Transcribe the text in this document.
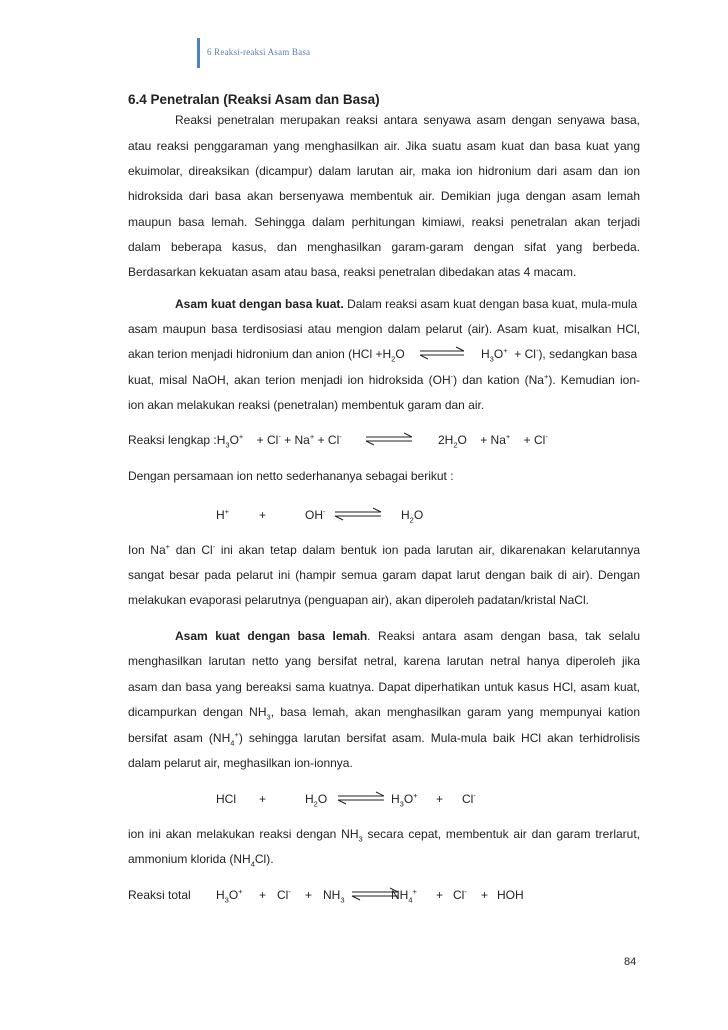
6 Reaksi-reaksi Asam Basa
6.4 Penetralan (Reaksi Asam dan Basa)
Reaksi penetralan merupakan reaksi antara senyawa asam dengan senyawa basa,
atau reaksi penggaraman yang menghasilkan air. Jika suatu asam kuat dan basa kuat yang
ekuimolar, direaksikan (dicampur) dalam larutan air, maka ion hidronium dari asam dan ion
hidroksida dari basa akan bersenyawa membentuk air. Demikian juga dengan asam lemah
maupun basa lemah. Sehingga dalam perhitungan kimiawi, reaksi penetralan akan terjadi
dalam beberapa kasus, dan menghasilkan garam-garam dengan sifat yang berbeda.
Berdasarkan kekuatan asam atau basa, reaksi penetralan dibedakan atas 4 macam.
Asam kuat dengan basa kuat. Dalam reaksi asam kuat dengan basa kuat, mula-mula
asam maupun basa terdisosiasi atau mengion dalam pelarut (air). Asam kuat, misalkan HCl,
akan terion menjadi hidronium dan anion ($HCl +H_2O$ ⇌ $H_3O^+ + Cl^-$), sedangkan basa
kuat, misal NaOH, akan terion menjadi ion hidroksida (OH-) dan kation (Na+). Kemudian ion-
ion akan melakukan reaksi (penetralan) membentuk garam dan air.
Reaksi lengkap $:H_3O^+ + Cl^- + Na^+ + Cl^-$ ⇌ $2H_2O + Na^+ + Cl^-$
Dengan persamaan ion netto sederhananya sebagai berikut :
H+ +	OH- ⇌ $H_2O$
Ion Na+ dan Cl- ini akan tetap dalam bentuk ion pada larutan air, dikarenakan kelarutannya
sangat besar pada pelarut ini (hampir semua garam dapat larut dengan baik di air). Dengan
melakukan evaporasi pelarutnya (penguapan air), akan diperoleh padatan/kristal NaCl.
Asam kuat dengan basa lemah. Reaksi antara asam dengan basa, tak selalu
menghasilkan larutan netto yang bersifat netral, karena larutan netral hanya diperoleh jika
asam dan basa yang bereaksi sama kuatnya. Dapat diperhatikan untuk kasus HCl, asam kuat,
dicampurkan dengan $NH_3$, basa lemah, akan menghasilkan garam yang mempunyai kation
bersifat asam $(NH_4^+)$ sehingga larutan bersifat asam. Mula-mula baik HCl akan terhidrolisis
dalam pelarut air, meghasilkan ion-ionnya.
HCl +	$H_2O$ ⇌ $H_3O^+ + Cl^-$
ion ini akan melakukan reaksi dengan $NH_3$ secara cepat, membentuk air dan garam trerlarut,
ammonium klorida $(NH_4Cl)$.
Reaksi total $H_3O^+ + Cl^- + NH_3$ ⇌
$NH_4^+ + Cl^-$ + HOH
84
